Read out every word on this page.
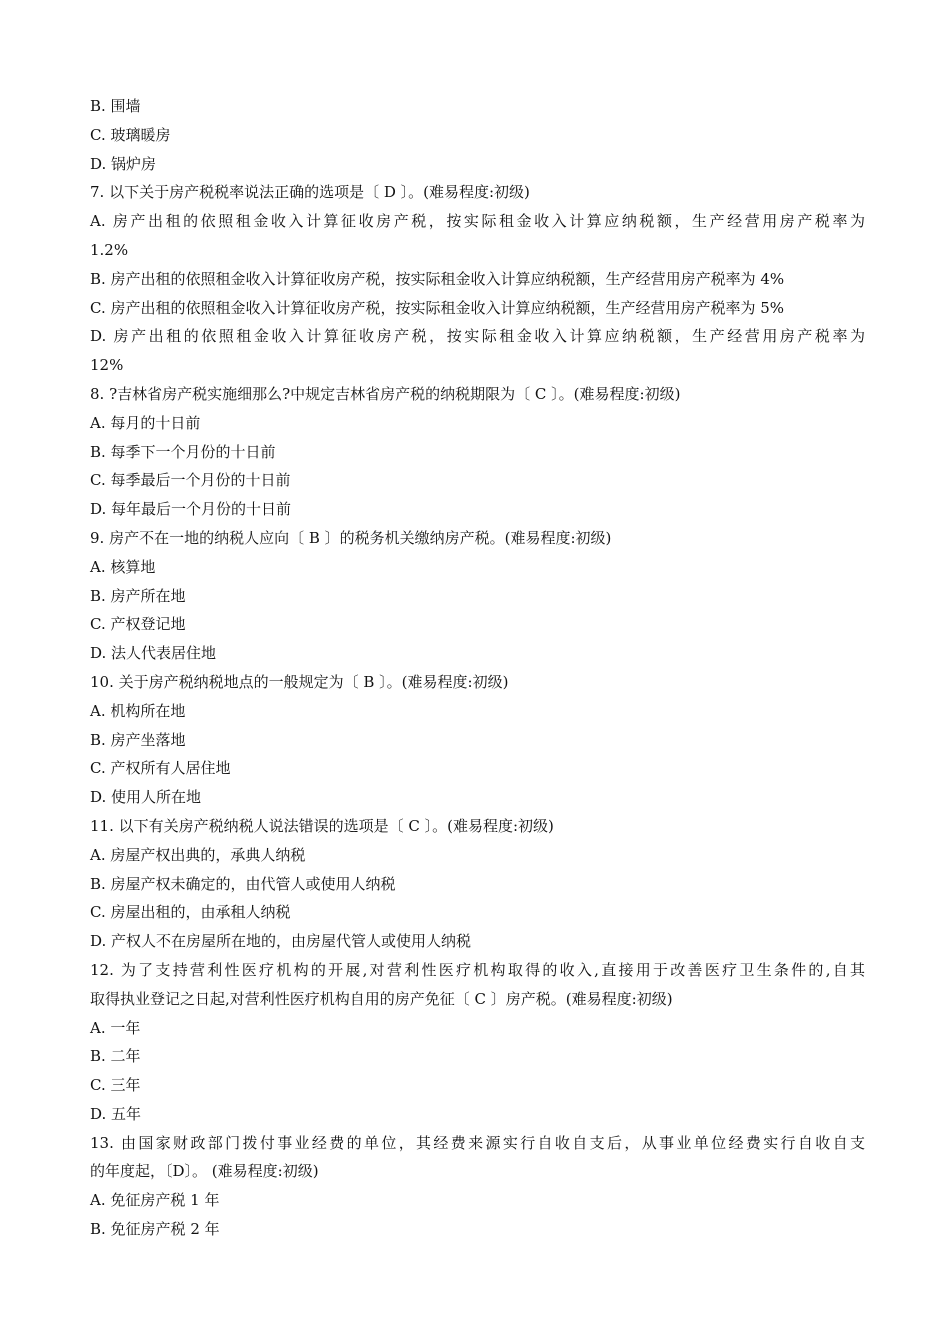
B. 围墙
C. 玻璃暖房
D. 锅炉房
7. 以下关于房产税税率说法正确的选项是〔 D 〕。(难易程度:初级)
A. 房产出租的依照租金收入计算征收房产税，按实际租金收入计算应纳税额，生产经营用房产税率为
1.2%
B. 房产出租的依照租金收入计算征收房产税，按实际租金收入计算应纳税额，生产经营用房产税率为 4%
C. 房产出租的依照租金收入计算征收房产税，按实际租金收入计算应纳税额，生产经营用房产税率为 5%
D. 房产出租的依照租金收入计算征收房产税，按实际租金收入计算应纳税额，生产经营用房产税率为
12%
8. ?吉林省房产税实施细那么?中规定吉林省房产税的纳税期限为〔 C 〕。(难易程度:初级)
A. 每月的十日前
B. 每季下一个月份的十日前
C. 每季最后一个月份的十日前
D. 每年最后一个月份的十日前
9. 房产不在一地的纳税人应向〔 B 〕的税务机关缴纳房产税。(难易程度:初级)
A. 核算地
B. 房产所在地
C. 产权登记地
D. 法人代表居住地
10. 关于房产税纳税地点的一般规定为〔 B 〕。(难易程度:初级)
A. 机构所在地
B. 房产坐落地
C. 产权所有人居住地
D. 使用人所在地
11. 以下有关房产税纳税人说法错误的选项是〔 C 〕。(难易程度:初级)
A. 房屋产权出典的，承典人纳税
B. 房屋产权未确定的，由代管人或使用人纳税
C. 房屋出租的，由承租人纳税
D. 产权人不在房屋所在地的，由房屋代管人或使用人纳税
12. 为了支持营利性医疗机构的开展,对营利性医疗机构取得的收入,直接用于改善医疗卫生条件的,自其
取得执业登记之日起,对营利性医疗机构自用的房产免征〔 C 〕房产税。(难易程度:初级)
A. 一年
B. 二年
C. 三年
D. 五年
13. 由国家财政部门拨付事业经费的单位，其经费来源实行自收自支后，从事业单位经费实行自收自支
的年度起，〔D〕。 (难易程度:初级)
A. 免征房产税 1 年
B. 免征房产税 2 年
